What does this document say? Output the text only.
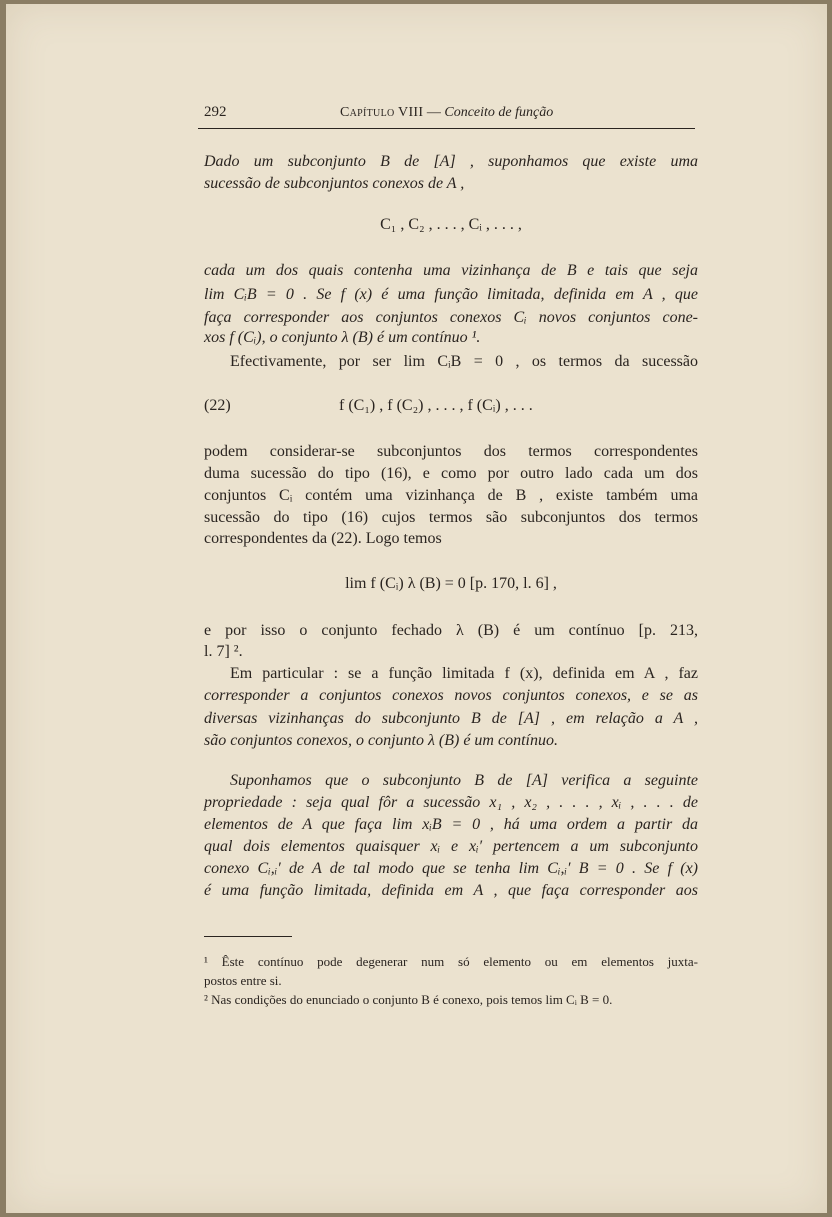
292	Capítulo VIII — Conceito de função
Dado um subconjunto B de [A] , suponhamos que existe uma
sucessão de subconjuntos conexos de A ,
C₁ , C₂ , . . . , Cᵢ , . . . ,
cada um dos quais contenha uma vizinhança de B e tais que seja
lim CᵢB = 0 . Se f (x) é uma função limitada, definida em A , que
faça corresponder aos conjuntos conexos Cᵢ novos conjuntos cone-
xos f (Cᵢ), o conjunto λ (B) é um contínuo ¹.
Efectivamente, por ser lim CᵢB = 0 , os termos da sucessão
(22)	f (C₁) , f (C₂) , . . . , f (Cᵢ) , . . .
podem considerar-se subconjuntos dos termos correspondentes
duma sucessão do tipo (16), e como por outro lado cada um dos
conjuntos Cᵢ contém uma vizinhança de B , existe também uma
sucessão do tipo (16) cujos termos são subconjuntos dos termos
correspondentes da (22). Logo temos
lim f (Cᵢ) λ (B) = 0 [p. 170, l. 6] ,
e por isso o conjunto fechado λ (B) é um contínuo [p. 213,
l. 7] ².
Em particular : se a função limitada f (x), definida em A , faz
corresponder a conjuntos conexos novos conjuntos conexos, e se as
diversas vizinhanças do subconjunto B de [A] , em relação a A ,
são conjuntos conexos, o conjunto λ (B) é um contínuo.
Suponhamos que o subconjunto B de [A] verifica a seguinte
propriedade : seja qual fôr a sucessão x₁ , x₂ , . . . , xᵢ , . . . de
elementos de A que faça lim xᵢB = 0 , há uma ordem a partir da
qual dois elementos quaisquer xᵢ e xᵢ′ pertencem a um subconjunto
conexo Cᵢ,ᵢ′ de A de tal modo que se tenha lim Cᵢ,ᵢ′ B = 0 . Se f (x)
é uma função limitada, definida em A , que faça corresponder aos
¹ Êste contínuo pode degenerar num só elemento ou em elementos juxta-
postos entre si.
² Nas condições do enunciado o conjunto B é conexo, pois temos lim Cᵢ B = 0.
